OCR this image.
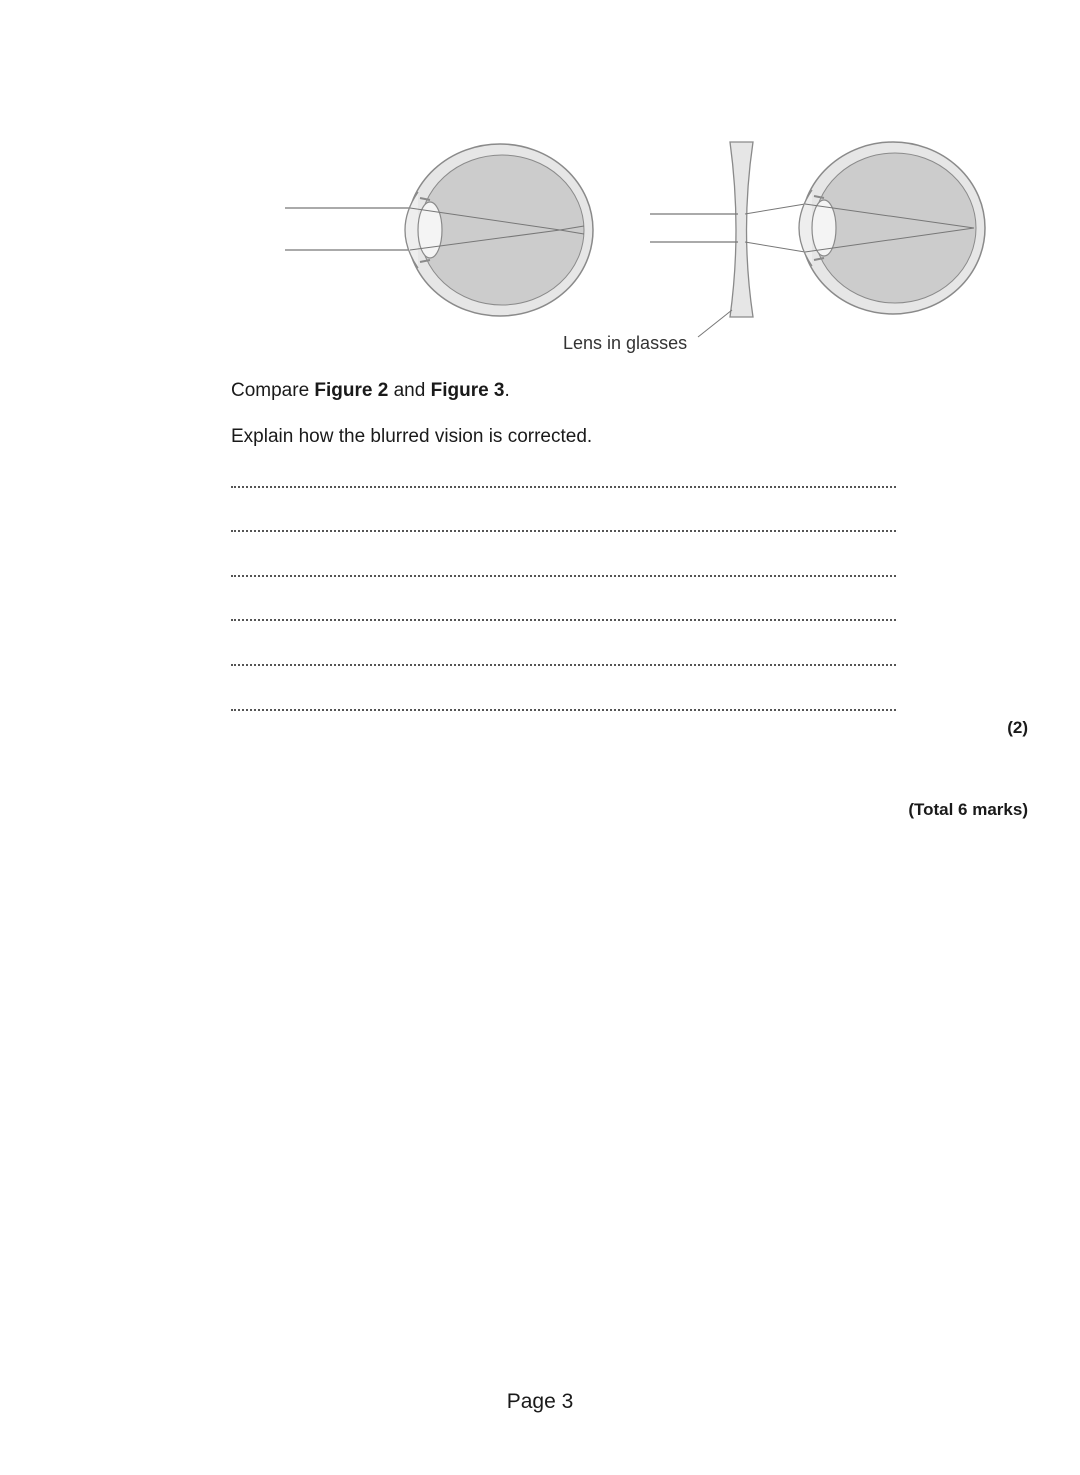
Lens in glasses
Compare Figure 2 and Figure 3.
Explain how the blurred vision is corrected.
(2)
(Total 6 marks)
Page 3
